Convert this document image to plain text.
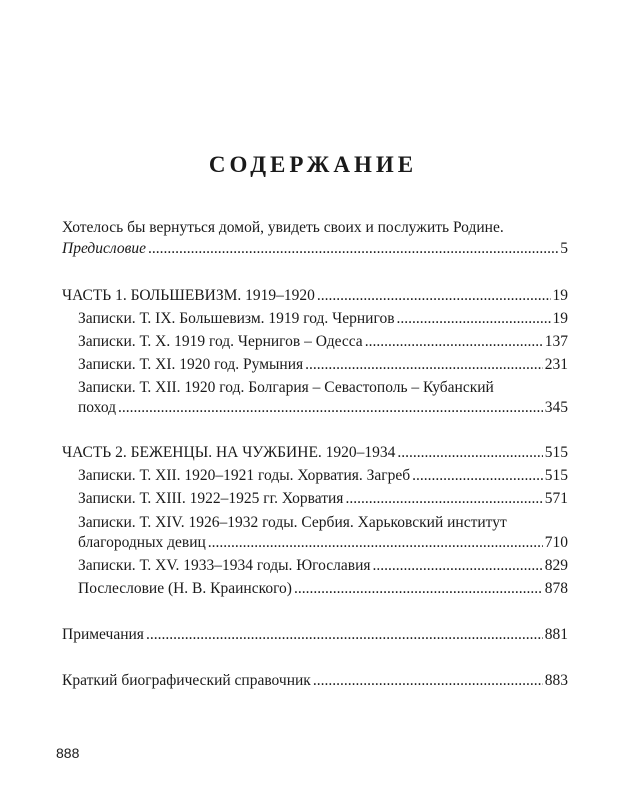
СОДЕРЖАНИЕ
Хотелось бы вернуться домой, увидеть своих и послужить Родине.
Предисловие .....	5
ЧАСТЬ 1. БОЛЬШЕВИЗМ. 1919–1920 .....	19
Записки. Т. IX. Большевизм. 1919 год. Чернигов .....	19
Записки. Т. X. 1919 год. Чернигов – Одесса .....	137
Записки. Т. XI. 1920 год. Румыния .....	231
Записки. Т. XII. 1920 год. Болгария – Севастополь – Кубанский
поход .....	345
ЧАСТЬ 2. БЕЖЕНЦЫ. НА ЧУЖБИНЕ. 1920–1934 .....	515
Записки. Т. XII. 1920–1921 годы. Хорватия. Загреб .....	515
Записки. Т. XIII. 1922–1925 гг. Хорватия .....	571
Записки. Т. XIV. 1926–1932 годы. Сербия. Харьковский институт
благородных девиц .....	710
Записки. Т. XV. 1933–1934 годы. Югославия .....	829
Послесловие (Н. В. Краинского) .....	878
Примечания .....	881
Краткий биографический справочник .....	883
888
